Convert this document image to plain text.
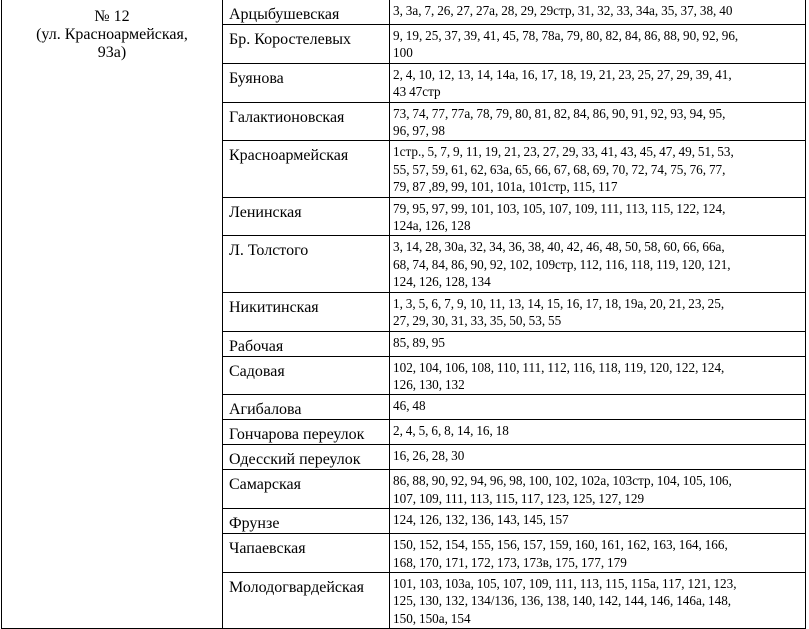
№ 12
(ул. Красноармейская,
93а)	Арцыбушевская	3, 3а, 7, 26, 27, 27а, 28, 29, 29стр, 31, 32, 33, 34а, 35, 37, 38, 40

	Бр. Коростелевых	9, 19, 25, 37, 39, 41, 45, 78, 78а, 79, 80, 82, 84, 86, 88, 90, 92, 96,
100

	Буянова	2, 4, 10, 12, 13, 14, 14а, 16, 17, 18, 19, 21, 23, 25, 27, 29, 39, 41,
43 47стр

	Галактионовская	73, 74, 77, 77а, 78, 79, 80, 81, 82, 84, 86, 90, 91, 92, 93, 94, 95,
96, 97, 98

	Красноармейская	1стр., 5, 7, 9, 11, 19, 21, 23, 27, 29, 33, 41, 43, 45, 47, 49, 51, 53,
55, 57, 59, 61, 62, 63а, 65, 66, 67, 68, 69, 70, 72, 74, 75, 76, 77,
79, 87 ,89, 99, 101, 101а, 101стр, 115, 117

	Ленинская	79, 95, 97, 99, 101, 103, 105, 107, 109, 111, 113, 115, 122, 124,
124а, 126, 128

	Л. Толстого	3, 14, 28, 30а, 32, 34, 36, 38, 40, 42, 46, 48, 50, 58, 60, 66, 66а,
68, 74, 84, 86, 90, 92, 102, 109стр, 112, 116, 118, 119, 120, 121,
124, 126, 128, 134

	Никитинская	1, 3, 5, 6, 7, 9, 10, 11, 13, 14, 15, 16, 17, 18, 19а, 20, 21, 23, 25,
27, 29, 30, 31, 33, 35, 50, 53, 55

	Рабочая	85, 89, 95

	Садовая	102, 104, 106, 108, 110, 111, 112, 116, 118, 119, 120, 122, 124,
126, 130, 132

	Агибалова	46, 48

	Гончарова переулок	2, 4, 5, 6, 8, 14, 16, 18

	Одесский переулок	16, 26, 28, 30

	Самарская	86, 88, 90, 92, 94, 96, 98, 100, 102, 102а, 103стр, 104, 105, 106,
107, 109, 111, 113, 115, 117, 123, 125, 127, 129

	Фрунзе	124, 126, 132, 136, 143, 145, 157

	Чапаевская	150, 152, 154, 155, 156, 157, 159, 160, 161, 162, 163, 164, 166,
168, 170, 171, 172, 173, 173в, 175, 177, 179

	Молодогвардейская	101, 103, 103а, 105, 107, 109, 111, 113, 115, 115а, 117, 121, 123,
125, 130, 132, 134/136, 136, 138, 140, 142, 144, 146, 146а, 148,
150, 150а, 154
